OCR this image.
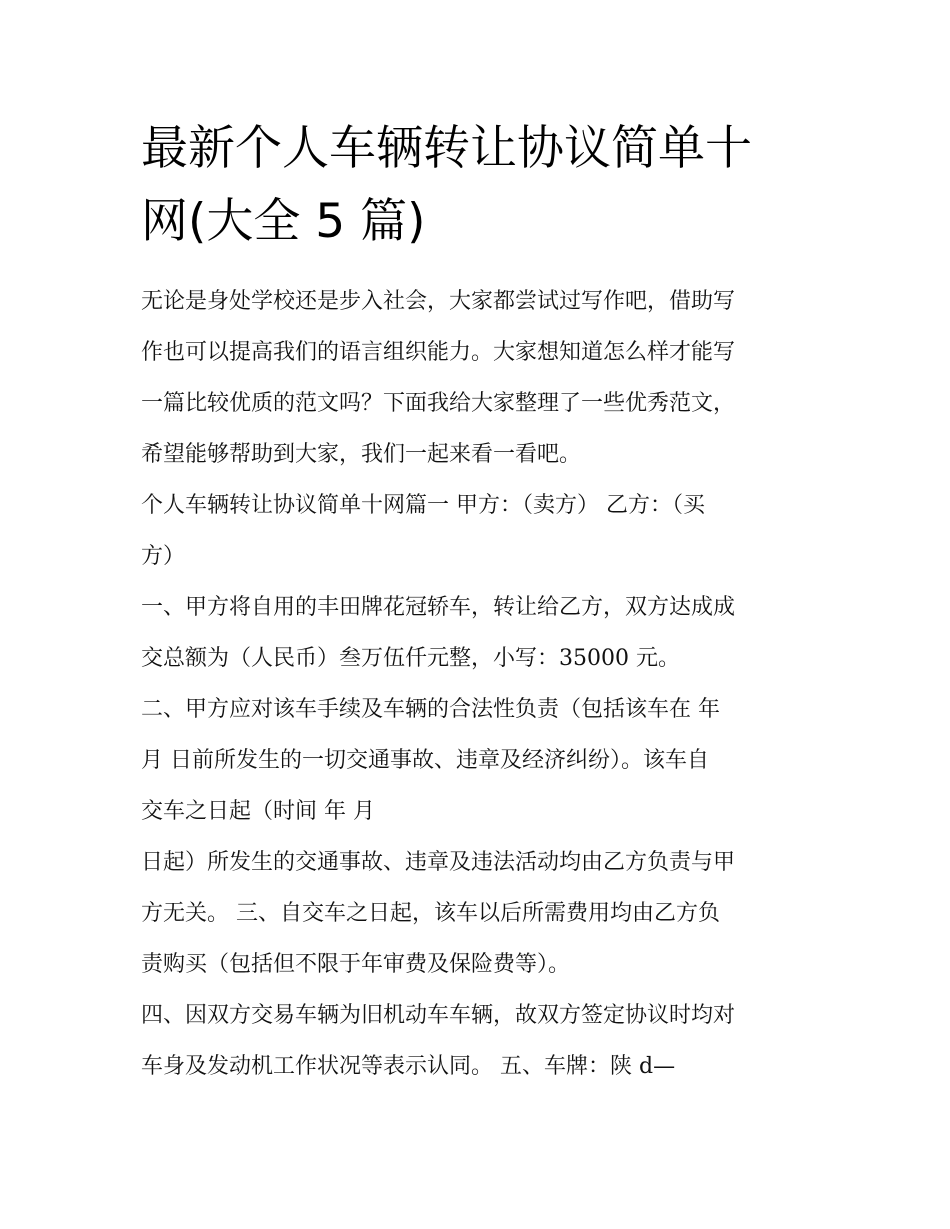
最新个人车辆转让协议简单十
网(大全 5 篇)
无论是身处学校还是步入社会，大家都尝试过写作吧，借助写
作也可以提高我们的语言组织能力。大家想知道怎么样才能写
一篇比较优质的范文吗？下面我给大家整理了一些优秀范文，
希望能够帮助到大家，我们一起来看一看吧。
个人车辆转让协议简单十网篇一 甲方：（卖方） 乙方：（买
方）
一、甲方将自用的丰田牌花冠轿车，转让给乙方，双方达成成
交总额为（人民币）叁万伍仟元整，小写：35000 元。
二、甲方应对该车手续及车辆的合法性负责（包括该车在 年
月 日前所发生的一切交通事故、违章及经济纠纷）。该车自
交车之日起（时间 年 月
日起）所发生的交通事故、违章及违法活动均由乙方负责与甲
方无关。 三、自交车之日起，该车以后所需费用均由乙方负
责购买（包括但不限于年审费及保险费等）。
四、因双方交易车辆为旧机动车车辆，故双方签定协议时均对
车身及发动机工作状况等表示认同。 五、车牌：陕 d—
